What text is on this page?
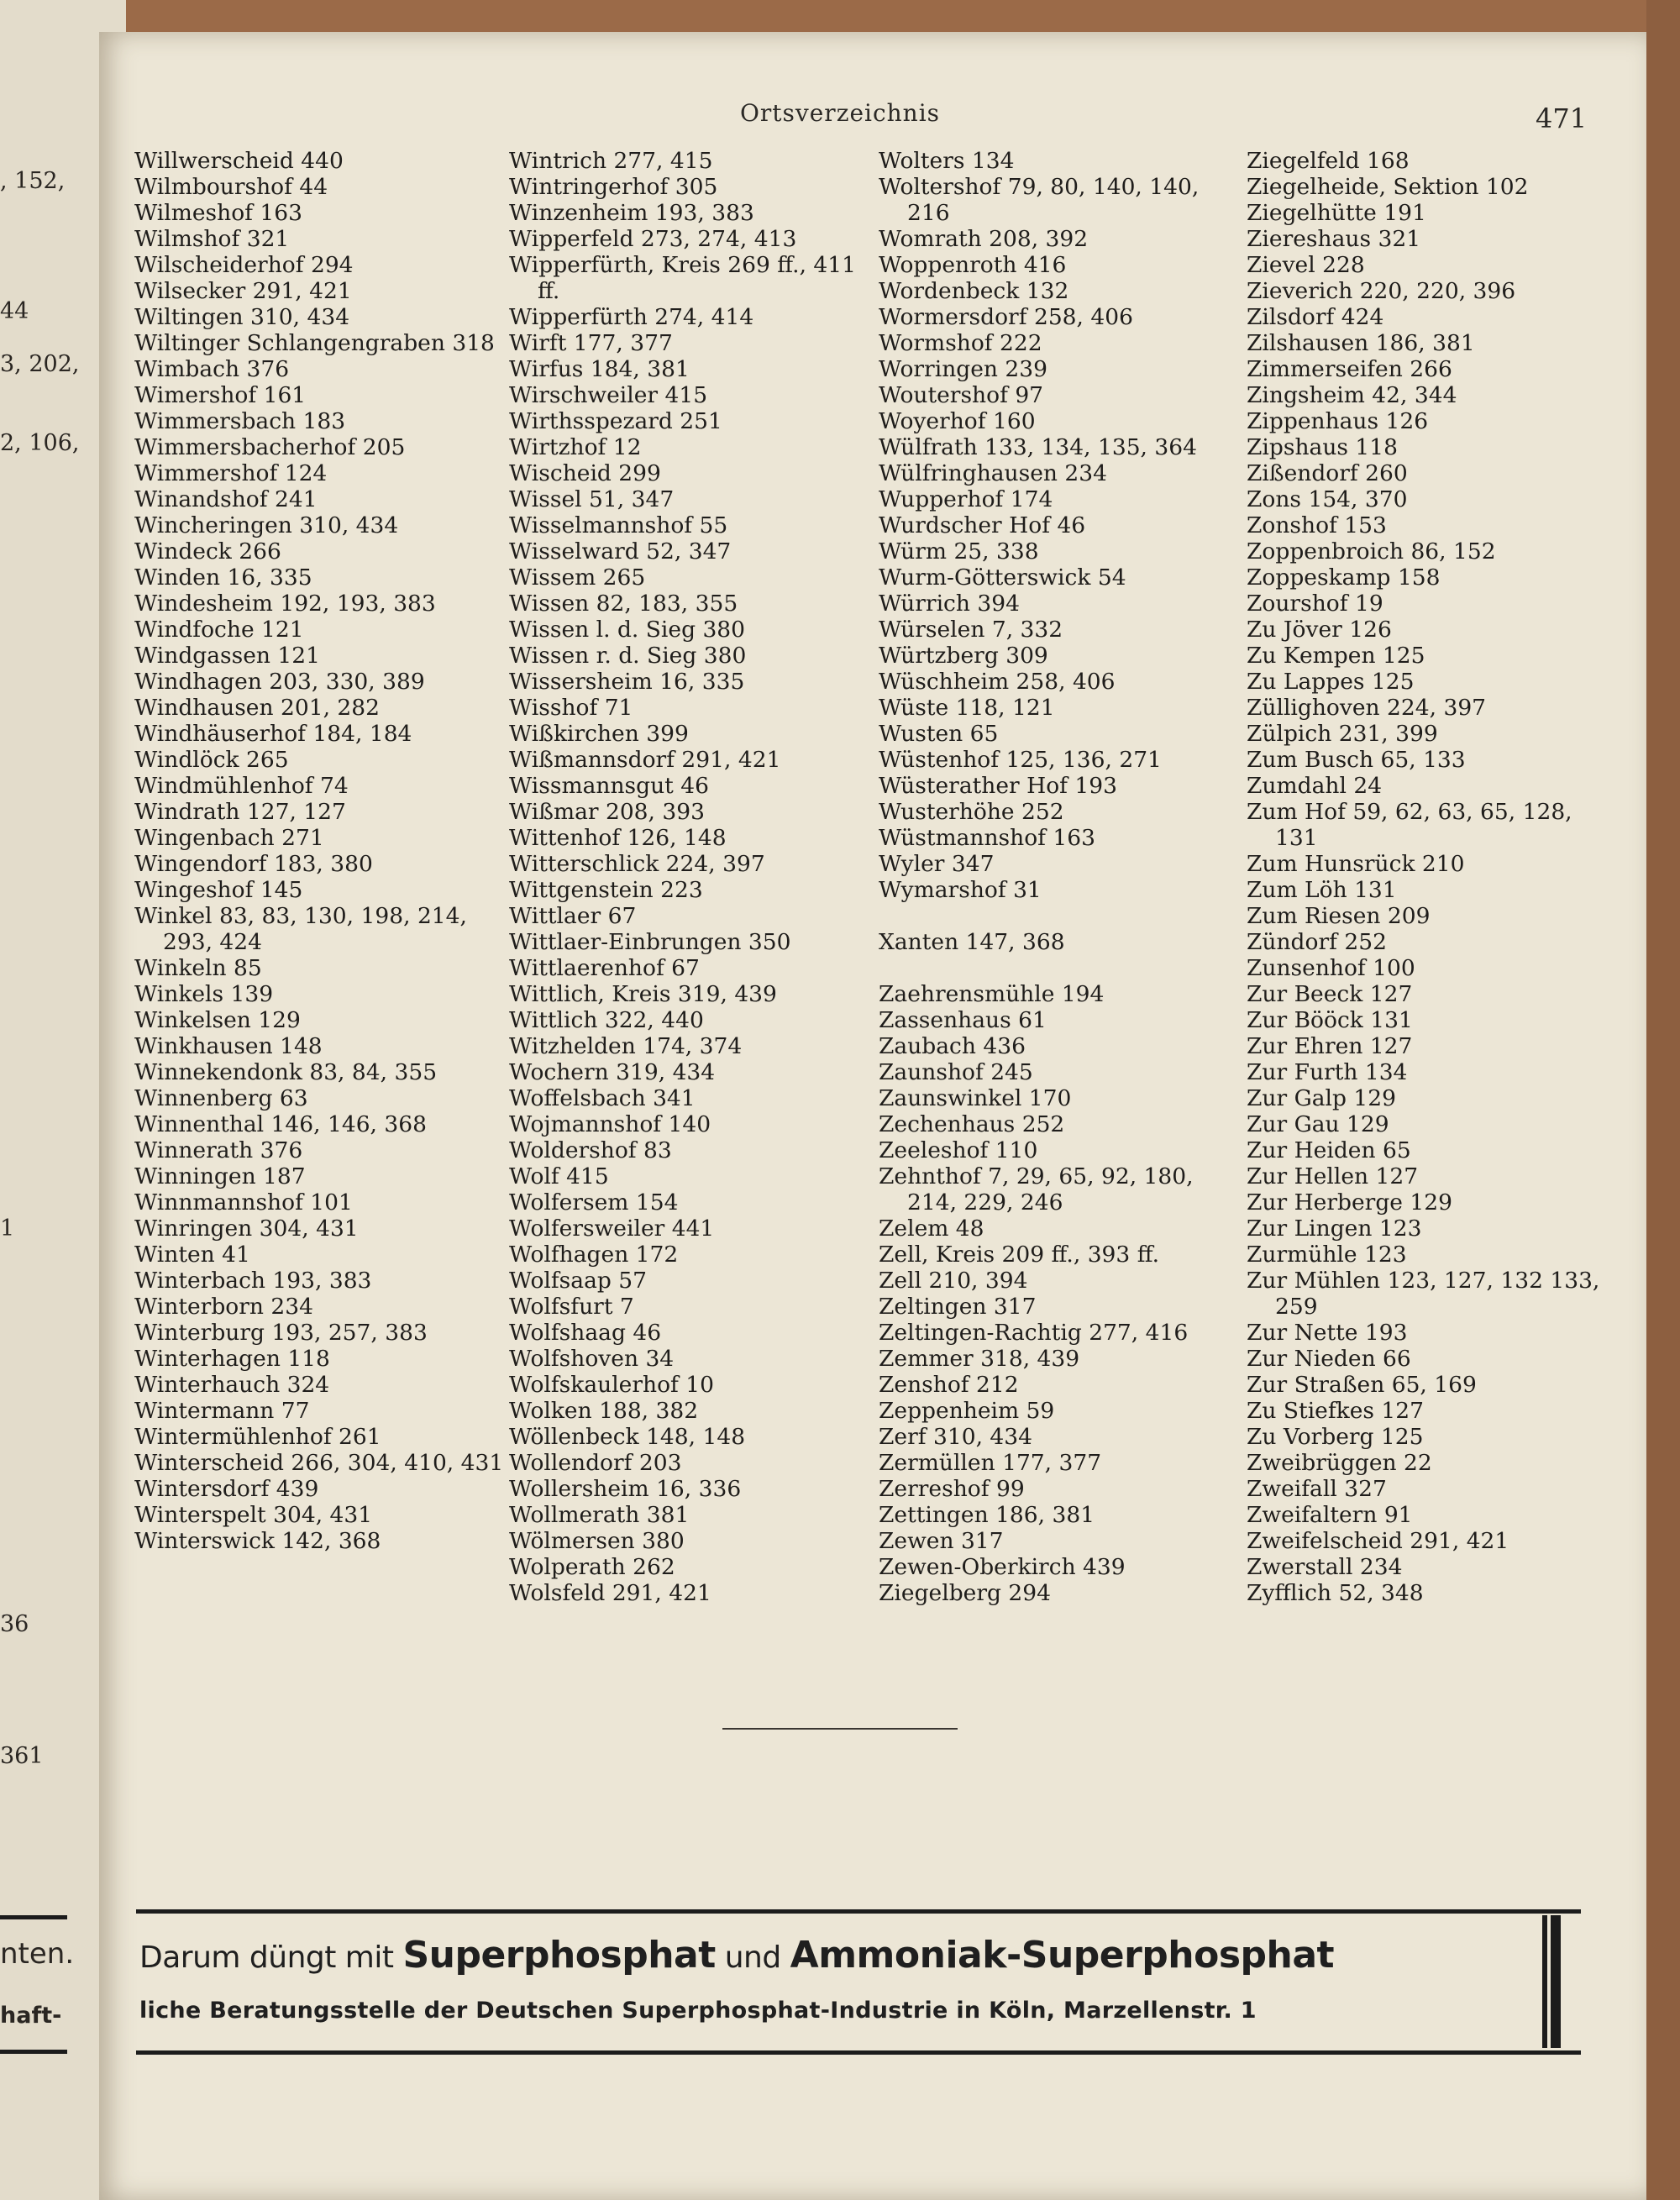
, 152,
44
3, 202,
2, 106,
1
36
361
nten.
haft-
Ortsverzeichnis	471
Willwerscheid 440
Wilmbourshof 44
Wilmeshof 163
Wilmshof 321
Wilscheiderhof 294
Wilsecker 291, 421
Wiltingen 310, 434
Wiltinger Schlangengraben 318
Wimbach 376
Wimershof 161
Wimmersbach 183
Wimmersbacherhof 205
Wimmershof 124
Winandshof 241
Wincheringen 310, 434
Windeck 266
Winden 16, 335
Windesheim 192, 193, 383
Windfoche 121
Windgassen 121
Windhagen 203, 330, 389
Windhausen 201, 282
Windhäuserhof 184, 184
Windlöck 265
Windmühlenhof 74
Windrath 127, 127
Wingenbach 271
Wingendorf 183, 380
Wingeshof 145
Winkel 83, 83, 130, 198, 214, 293, 424
Winkeln 85
Winkels 139
Winkelsen 129
Winkhausen 148
Winnekendonk 83, 84, 355
Winnenberg 63
Winnenthal 146, 146, 368
Winnerath 376
Winningen 187
Winnmannshof 101
Winringen 304, 431
Winten 41
Winterbach 193, 383
Winterborn 234
Winterburg 193, 257, 383
Winterhagen 118
Winterhauch 324
Wintermann 77
Wintermühlenhof 261
Winterscheid 266, 304, 410, 431
Wintersdorf 439
Winterspelt 304, 431
Winterswick 142, 368
Wintrich 277, 415
Wintringerhof 305
Winzenheim 193, 383
Wipperfeld 273, 274, 413
Wipperfürth, Kreis 269 ff., 411 ff.
Wipperfürth 274, 414
Wirft 177, 377
Wirfus 184, 381
Wirschweiler 415
Wirthsspezard 251
Wirtzhof 12
Wischeid 299
Wissel 51, 347
Wisselmannshof 55
Wisselward 52, 347
Wissem 265
Wissen 82, 183, 355
Wissen l. d. Sieg 380
Wissen r. d. Sieg 380
Wissersheim 16, 335
Wisshof 71
Wißkirchen 399
Wißmannsdorf 291, 421
Wissmannsgut 46
Wißmar 208, 393
Wittenhof 126, 148
Witterschlick 224, 397
Wittgenstein 223
Wittlaer 67
Wittlaer-Einbrungen 350
Wittlaerenhof 67
Wittlich, Kreis 319, 439
Wittlich 322, 440
Witzhelden 174, 374
Wochern 319, 434
Woffelsbach 341
Wojmannshof 140
Woldershof 83
Wolf 415
Wolfersem 154
Wolfersweiler 441
Wolfhagen 172
Wolfsaap 57
Wolfsfurt 7
Wolfshaag 46
Wolfshoven 34
Wolfskaulerhof 10
Wolken 188, 382
Wöllenbeck 148, 148
Wollendorf 203
Wollersheim 16, 336
Wollmerath 381
Wölmersen 380
Wolperath 262
Wolsfeld 291, 421
Wolters 134
Woltershof 79, 80, 140, 140, 216
Womrath 208, 392
Woppenroth 416
Wordenbeck 132
Wormersdorf 258, 406
Wormshof 222
Worringen 239
Woutershof 97
Woyerhof 160
Wülfrath 133, 134, 135, 364
Wülfringhausen 234
Wupperhof 174
Wurdscher Hof 46
Würm 25, 338
Wurm-Götterswick 54
Würrich 394
Würselen 7, 332
Würtzberg 309
Wüschheim 258, 406
Wüste 118, 121
Wusten 65
Wüstenhof 125, 136, 271
Wüsterather Hof 193
Wusterhöhe 252
Wüstmannshof 163
Wyler 347
Wymarshof 31
Xanten 147, 368
Zaehrensmühle 194
Zassenhaus 61
Zaubach 436
Zaunshof 245
Zaunswinkel 170
Zechenhaus 252
Zeeleshof 110
Zehnthof 7, 29, 65, 92, 180, 214, 229, 246
Zelem 48
Zell, Kreis 209 ff., 393 ff.
Zell 210, 394
Zeltingen 317
Zeltingen-Rachtig 277, 416
Zemmer 318, 439
Zenshof 212
Zeppenheim 59
Zerf 310, 434
Zermüllen 177, 377
Zerreshof 99
Zettingen 186, 381
Zewen 317
Zewen-Oberkirch 439
Ziegelberg 294
Ziegelfeld 168
Ziegelheide, Sektion 102
Ziegelhütte 191
Ziereshaus 321
Zievel 228
Zieverich 220, 220, 396
Zilsdorf 424
Zilshausen 186, 381
Zimmerseifen 266
Zingsheim 42, 344
Zippenhaus 126
Zipshaus 118
Zißendorf 260
Zons 154, 370
Zonshof 153
Zoppenbroich 86, 152
Zoppeskamp 158
Zourshof 19
Zu Jöver 126
Zu Kempen 125
Zu Lappes 125
Züllighoven 224, 397
Zülpich 231, 399
Zum Busch 65, 133
Zumdahl 24
Zum Hof 59, 62, 63, 65, 128, 131
Zum Hunsrück 210
Zum Löh 131
Zum Riesen 209
Zündorf 252
Zunsenhof 100
Zur Beeck 127
Zur Bööck 131
Zur Ehren 127
Zur Furth 134
Zur Galp 129
Zur Gau 129
Zur Heiden 65
Zur Hellen 127
Zur Herberge 129
Zur Lingen 123
Zurmühle 123
Zur Mühlen 123, 127, 132 133, 259
Zur Nette 193
Zur Nieden 66
Zur Straßen 65, 169
Zu Stiefkes 127
Zu Vorberg 125
Zweibrüggen 22
Zweifall 327
Zweifaltern 91
Zweifelscheid 291, 421
Zwerstall 234
Zyfflich 52, 348
Darum düngt mit Superphosphat und Ammoniak-Superphosphat
liche Beratungsstelle der Deutschen Superphosphat-Industrie in Köln, Marzellenstr. 1
